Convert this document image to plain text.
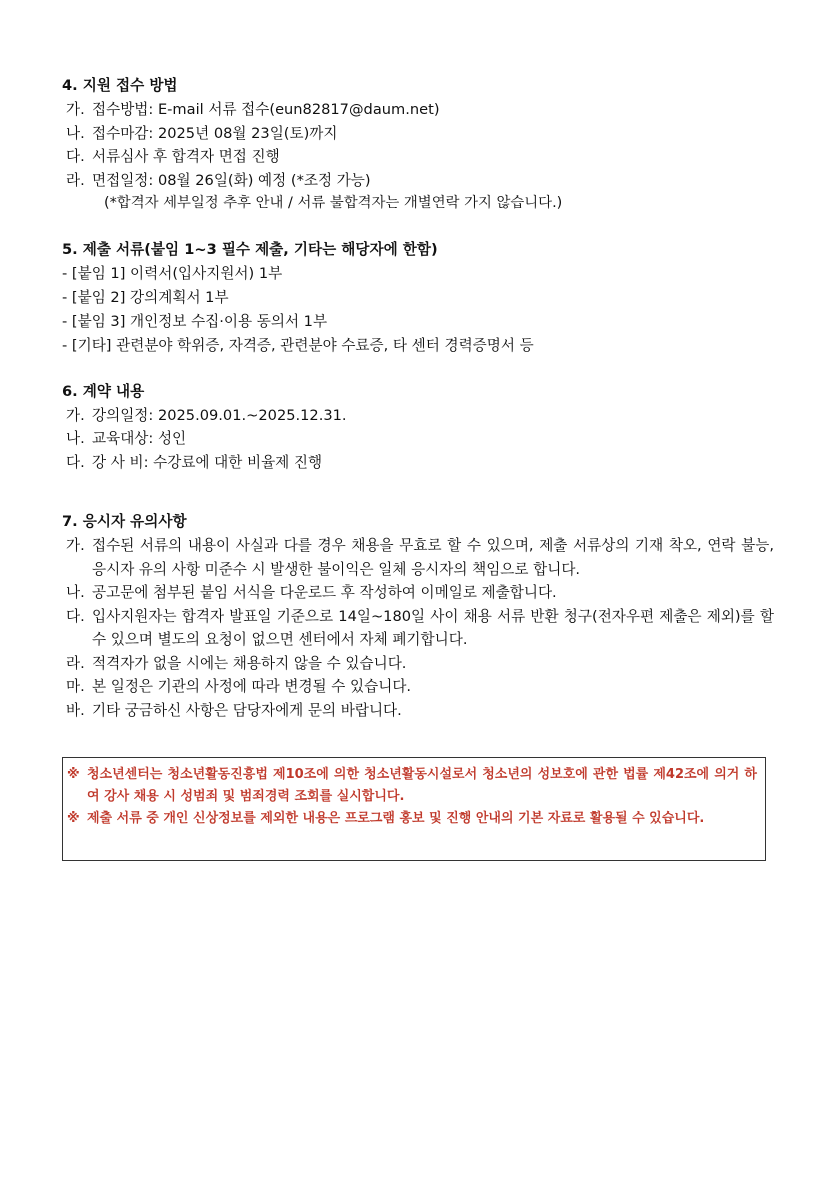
4. 지원 접수 방법
가. 접수방법: E-mail 서류 접수(eun82817@daum.net)
나. 접수마감: 2025년 08월 23일(토)까지
다. 서류심사 후 합격자 면접 진행
라. 면접일정: 08월 26일(화) 예정 (*조정 가능)
(*합격자 세부일정 추후 안내 / 서류 불합격자는 개별연락 가지 않습니다.)
5. 제출 서류(붙임 1~3 필수 제출, 기타는 해당자에 한함)
- [붙임 1] 이력서(입사지원서) 1부
- [붙임 2] 강의계획서 1부
- [붙임 3] 개인정보 수집·이용 동의서 1부
- [기타] 관련분야 학위증, 자격증, 관련분야 수료증, 타 센터 경력증명서 등
6. 계약 내용
가. 강의일정: 2025.09.01.~2025.12.31.
나. 교육대상: 성인
다. 강 사 비: 수강료에 대한 비율제 진행
7. 응시자 유의사항
가. 접수된 서류의 내용이 사실과 다를 경우 채용을 무효로 할 수 있으며, 제출 서류상의 기재 착오, 연락 불능, 응시자 유의 사항 미준수 시 발생한 불이익은 일체 응시자의 책임으로 합니다.
나. 공고문에 첨부된 붙임 서식을 다운로드 후 작성하여 이메일로 제출합니다.
다. 입사지원자는 합격자 발표일 기준으로 14일~180일 사이 채용 서류 반환 청구(전자우편 제출은 제외)를 할 수 있으며 별도의 요청이 없으면 센터에서 자체 폐기합니다.
라. 적격자가 없을 시에는 채용하지 않을 수 있습니다.
마. 본 일정은 기관의 사정에 따라 변경될 수 있습니다.
바. 기타 궁금하신 사항은 담당자에게 문의 바랍니다.
※ 청소년센터는 청소년활동진흥법 제10조에 의한 청소년활동시설로서 청소년의 성보호에 관한 법률 제42조에 의거 하여 강사 채용 시 성범죄 및 범죄경력 조회를 실시합니다.
※ 제출 서류 중 개인 신상정보를 제외한 내용은 프로그램 홍보 및 진행 안내의 기본 자료로 활용될 수 있습니다.
